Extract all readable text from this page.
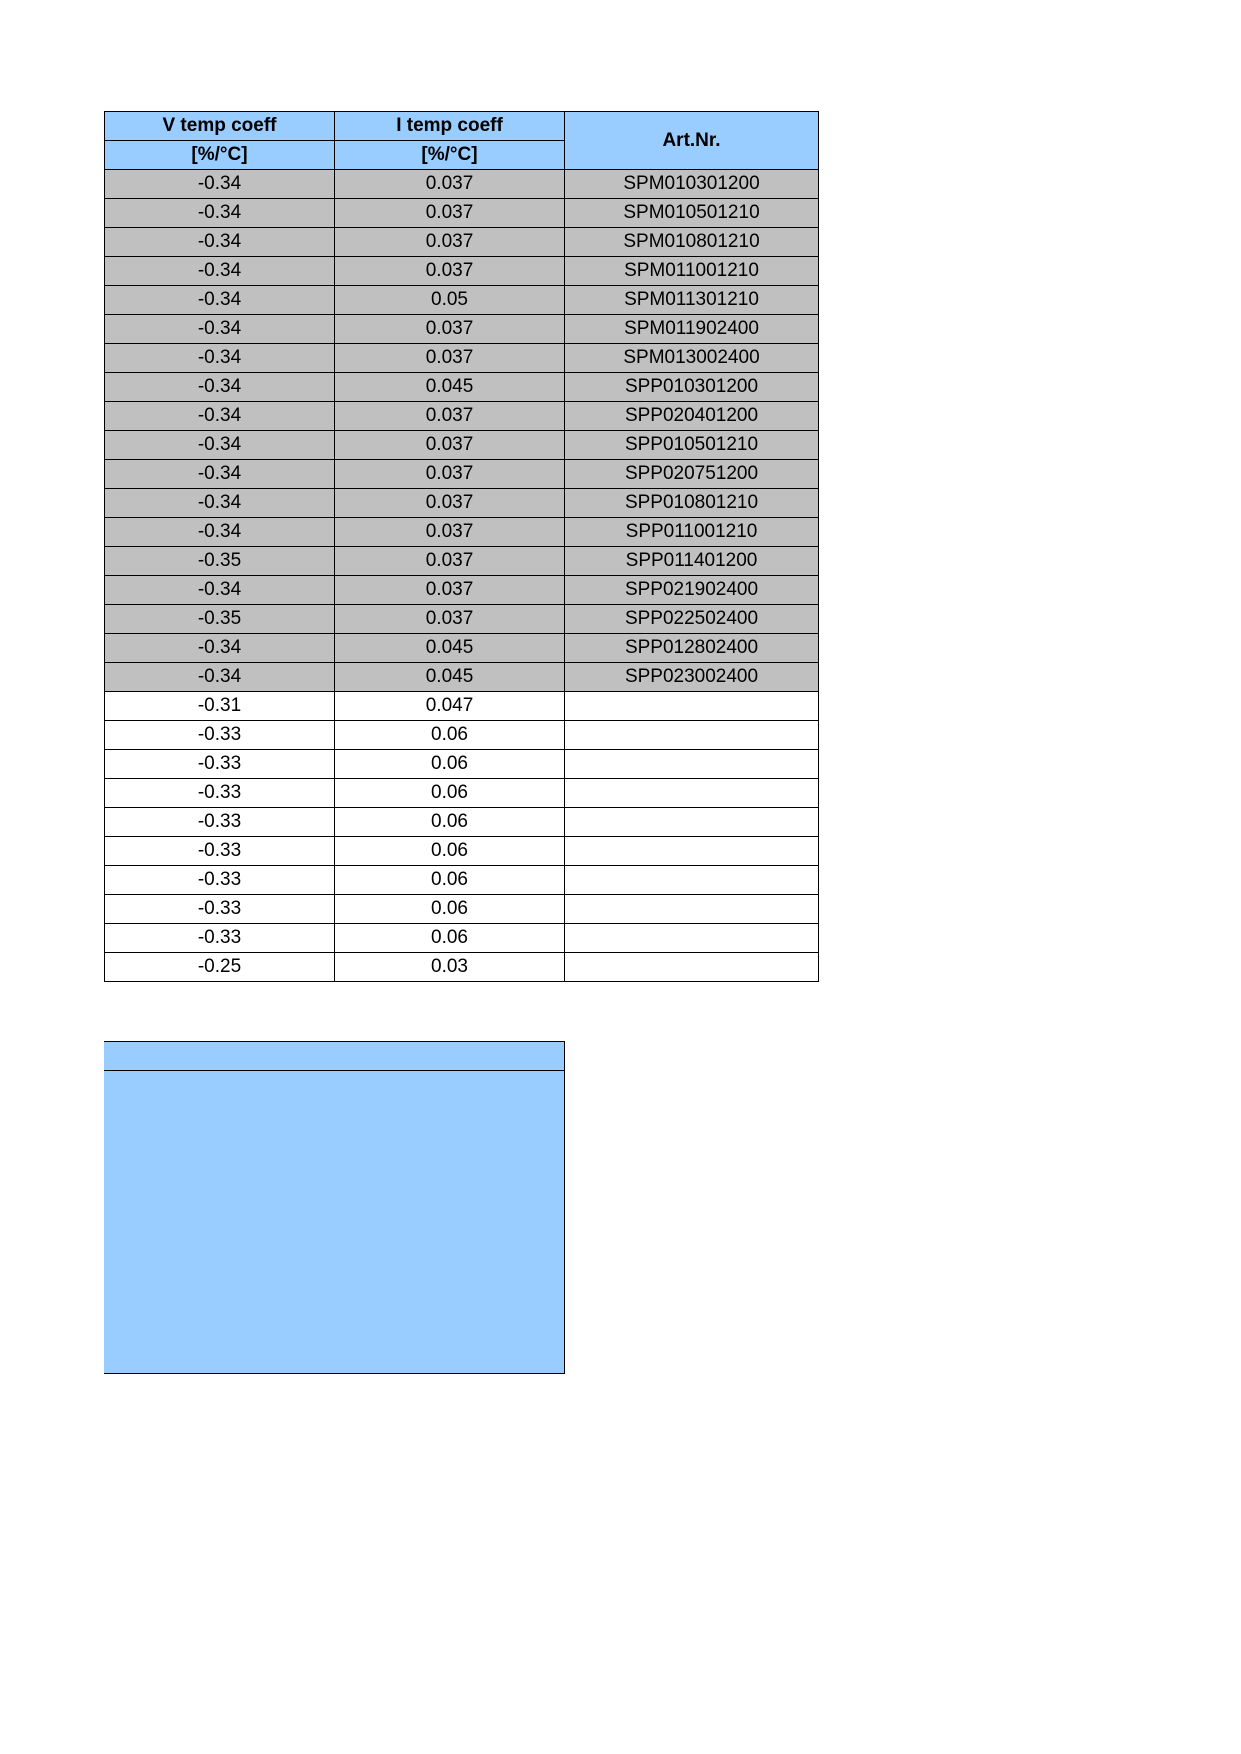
V temp coeff	I temp coeff	Art.Nr.
[%/°C]	[%/°C]	
-0.34	0.037	SPM010301200
-0.34	0.037	SPM010501210
-0.34	0.037	SPM010801210
-0.34	0.037	SPM011001210
-0.34	0.05	SPM011301210
-0.34	0.037	SPM011902400
-0.34	0.037	SPM013002400
-0.34	0.045	SPP010301200
-0.34	0.037	SPP020401200
-0.34	0.037	SPP010501210
-0.34	0.037	SPP020751200
-0.34	0.037	SPP010801210
-0.34	0.037	SPP011001210
-0.35	0.037	SPP011401200
-0.34	0.037	SPP021902400
-0.35	0.037	SPP022502400
-0.34	0.045	SPP012802400
-0.34	0.045	SPP023002400
-0.31	0.047	
-0.33	0.06	
-0.33	0.06	
-0.33	0.06	
-0.33	0.06	
-0.33	0.06	
-0.33	0.06	
-0.33	0.06	
-0.33	0.06	
-0.25	0.03	
